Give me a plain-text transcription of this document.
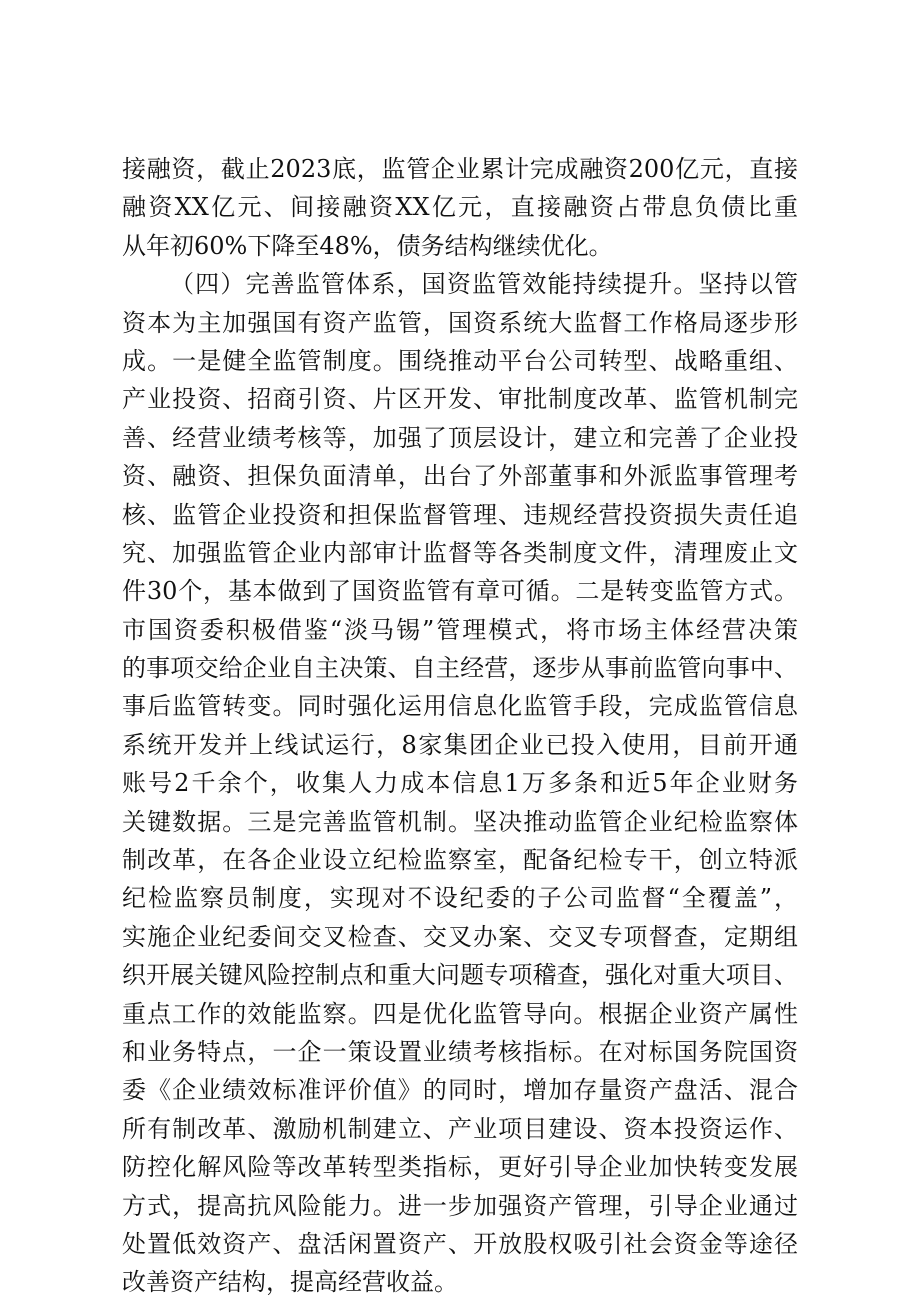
接融资，截止2023底，监管企业累计完成融资200亿元，直接
融资XX亿元、间接融资XX亿元，直接融资占带息负债比重
从年初60%下降至48%，债务结构继续优化。
（四）完善监管体系，国资监管效能持续提升。坚持以管
资本为主加强国有资产监管，国资系统大监督工作格局逐步形
成。一是健全监管制度。围绕推动平台公司转型、战略重组、
产业投资、招商引资、片区开发、审批制度改革、监管机制完
善、经营业绩考核等，加强了顶层设计，建立和完善了企业投
资、融资、担保负面清单，出台了外部董事和外派监事管理考
核、监管企业投资和担保监督管理、违规经营投资损失责任追
究、加强监管企业内部审计监督等各类制度文件，清理废止文
件30个，基本做到了国资监管有章可循。二是转变监管方式。
市国资委积极借鉴“淡马锡”管理模式，将市场主体经营决策
的事项交给企业自主决策、自主经营，逐步从事前监管向事中、
事后监管转变。同时强化运用信息化监管手段，完成监管信息
系统开发并上线试运行，8家集团企业已投入使用，目前开通
账号2千余个，收集人力成本信息1万多条和近5年企业财务
关键数据。三是完善监管机制。坚决推动监管企业纪检监察体
制改革，在各企业设立纪检监察室，配备纪检专干，创立特派
纪检监察员制度，实现对不设纪委的子公司监督“全覆盖”，
实施企业纪委间交叉检查、交叉办案、交叉专项督查，定期组
织开展关键风险控制点和重大问题专项稽查，强化对重大项目、
重点工作的效能监察。四是优化监管导向。根据企业资产属性
和业务特点，一企一策设置业绩考核指标。在对标国务院国资
委《企业绩效标准评价值》的同时，增加存量资产盘活、混合
所有制改革、激励机制建立、产业项目建设、资本投资运作、
防控化解风险等改革转型类指标，更好引导企业加快转变发展
方式，提高抗风险能力。进一步加强资产管理，引导企业通过
处置低效资产、盘活闲置资产、开放股权吸引社会资金等途径
改善资产结构，提高经营收益。
